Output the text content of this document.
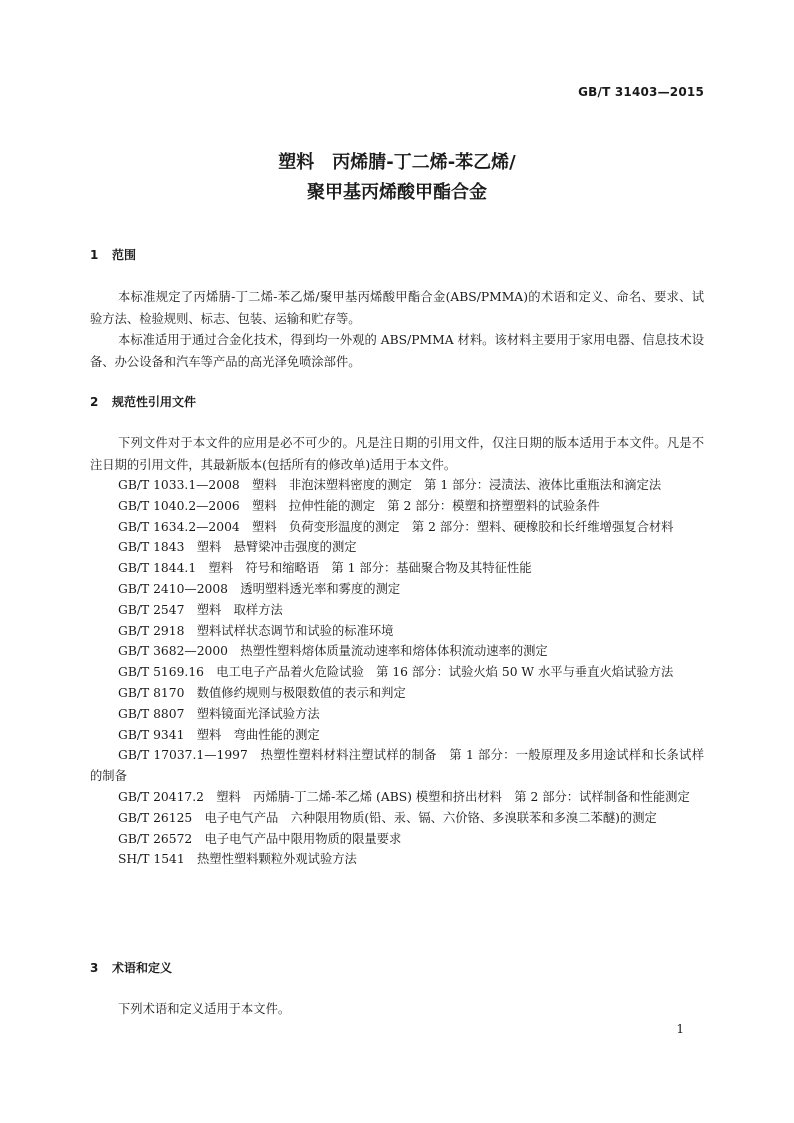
GB/T 31403—2015
塑料　丙烯腈-丁二烯-苯乙烯/
聚甲基丙烯酸甲酯合金
1 范围

本标准规定了丙烯腈-丁二烯-苯乙烯/聚甲基丙烯酸甲酯合金(ABS/PMMA)的术语和定义、命名、要求、试验方法、检验规则、标志、包装、运输和贮存等。

本标准适用于通过合金化技术，得到均一外观的 ABS/PMMA 材料。该材料主要用于家用电器、信息技术设备、办公设备和汽车等产品的高光泽免喷涂部件。

2 规范性引用文件

下列文件对于本文件的应用是必不可少的。凡是注日期的引用文件，仅注日期的版本适用于本文件。凡是不注日期的引用文件，其最新版本(包括所有的修改单)适用于本文件。

GB/T 1033.1—2008　塑料　非泡沫塑料密度的测定　第 1 部分：浸渍法、液体比重瓶法和滴定法

GB/T 1040.2—2006　塑料　拉伸性能的测定　第 2 部分：模塑和挤塑塑料的试验条件

GB/T 1634.2—2004　塑料　负荷变形温度的测定　第 2 部分：塑料、硬橡胶和长纤维增强复合材料

GB/T 1843　塑料　悬臂梁冲击强度的测定

GB/T 1844.1　塑料　符号和缩略语　第 1 部分：基础聚合物及其特征性能

GB/T 2410—2008　透明塑料透光率和雾度的测定

GB/T 2547　塑料　取样方法

GB/T 2918　塑料试样状态调节和试验的标准环境

GB/T 3682—2000　热塑性塑料熔体质量流动速率和熔体体积流动速率的测定

GB/T 5169.16　电工电子产品着火危险试验　第 16 部分：试验火焰 50 W 水平与垂直火焰试验方法

GB/T 8170　数值修约规则与极限数值的表示和判定

GB/T 8807　塑料镜面光泽试验方法

GB/T 9341　塑料　弯曲性能的测定

GB/T 17037.1—1997　热塑性塑料材料注塑试样的制备　第 1 部分：一般原理及多用途试样和长条试样的制备

GB/T 20417.2　塑料　丙烯腈-丁二烯-苯乙烯 (ABS) 模塑和挤出材料　第 2 部分：试样制备和性能测定

GB/T 26125　电子电气产品　六种限用物质(铅、汞、镉、六价铬、多溴联苯和多溴二苯醚)的测定

GB/T 26572　电子电气产品中限用物质的限量要求

SH/T 1541　热塑性塑料颗粒外观试验方法

3 术语和定义

下列术语和定义适用于本文件。

1
